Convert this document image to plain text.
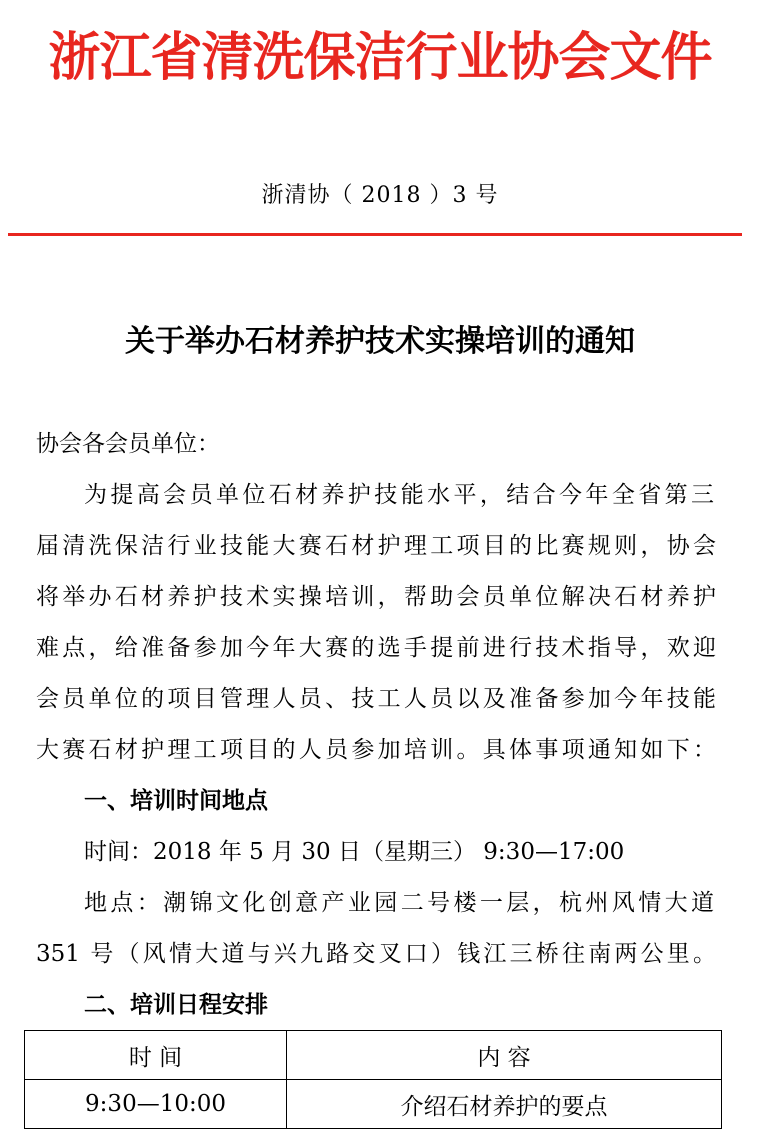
浙江省清洗保洁行业协会文件
浙清协（ 2018 ）3 号
关于举办石材养护技术实操培训的通知
协会各会员单位：
为提高会员单位石材养护技能水平，结合今年全省第三
届清洗保洁行业技能大赛石材护理工项目的比赛规则，协会
将举办石材养护技术实操培训，帮助会员单位解决石材养护
难点，给准备参加今年大赛的选手提前进行技术指导，欢迎
会员单位的项目管理人员、技工人员以及准备参加今年技能
大赛石材护理工项目的人员参加培训。具体事项通知如下：
一、培训时间地点
时间：2018 年 5 月 30 日（星期三） 9:30—17:00
地点：潮锦文化创意产业园二号楼一层，杭州风情大道
351 号（风情大道与兴九路交叉口）钱江三桥往南两公里。
二、培训日程安排
时 间	内 容
9:30—10:00	介绍石材养护的要点
